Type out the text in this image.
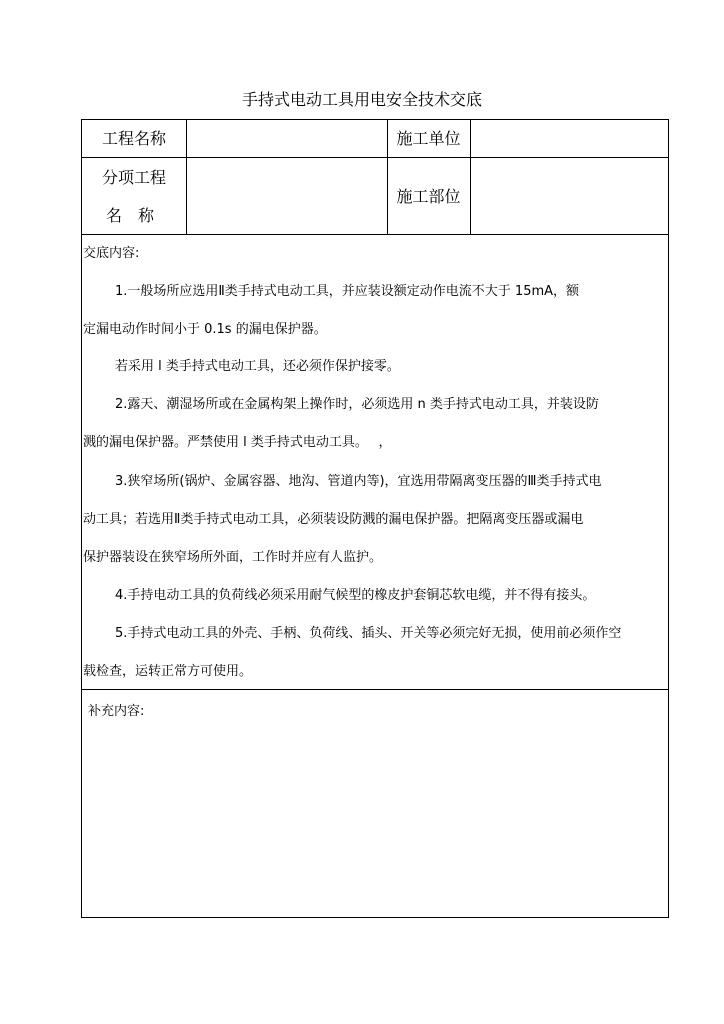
手持式电动工具用电安全技术交底
工程名称	施工单位
分项工程
名　称
施工部位
交底内容:
1.一般场所应选用Ⅱ类手持式电动工具，并应装设额定动作电流不大于 15mA，额
定漏电动作时间小于 0.1s 的漏电保护器。
若采用 l 类手持式电动工具，还必须作保护接零。
2.露天、潮湿场所或在金属构架上操作时，必须选用 n 类手持式电动工具，并装设防
溅的漏电保护器。严禁使用 l 类手持式电动工具。　 ，
3.狭窄场所(锅炉、金属容器、地沟、管道内等)，宜选用带隔离变压器的Ⅲ类手持式电
动工具；若选用Ⅱ类手持式电动工具，必须装设防溅的漏电保护器。把隔离变压器或漏电
保护器装设在狭窄场所外面，工作时并应有人监护。
4.手持电动工具的负荷线必须采用耐气候型的橡皮护套铜芯软电缆，并不得有接头。
5.手持式电动工具的外壳、手柄、负荷线、插头、开关等必须完好无损，使用前必须作空
载检查，运转正常方可使用。
补充内容:
